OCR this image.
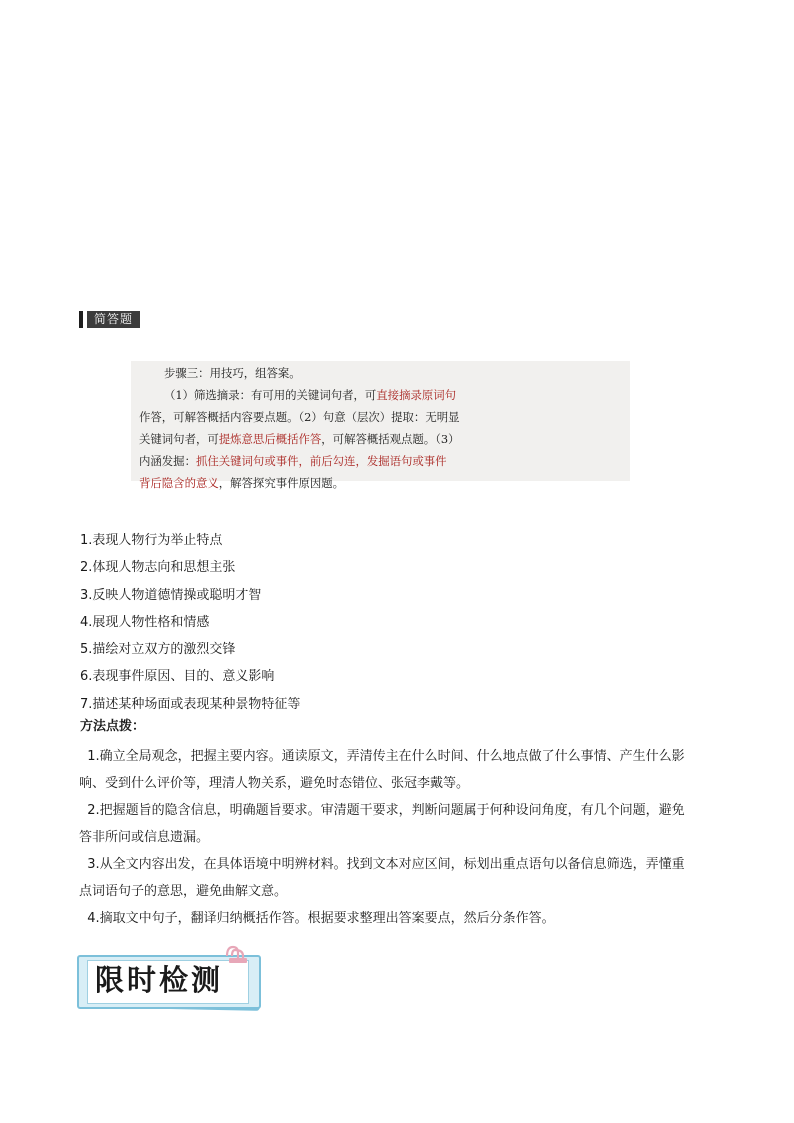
简答题

步骤三：用技巧，组答案。

（1）筛选摘录：有可用的关键词句者，可直接摘录原词句

作答，可解答概括内容要点题。（2）句意（层次）提取：无明显

关键词句者，可提炼意思后概括作答，可解答概括观点题。（3）

内涵发掘：抓住关键词句或事件，前后勾连，发掘语句或事件

背后隐含的意义，解答探究事件原因题。

1.表现人物行为举止特点
2.体现人物志向和思想主张
3.反映人物道德情操或聪明才智
4.展现人物性格和情感
5.描绘对立双方的激烈交锋
6.表现事件原因、目的、意义影响
7.描述某种场面或表现某种景物特征等
方法点拨：

1.确立全局观念，把握主要内容。通读原文，弄清传主在什么时间、什么地点做了什么事情、产生什么影

响、受到什么评价等，理清人物关系，避免时态错位、张冠李戴等。

2.把握题旨的隐含信息，明确题旨要求。审清题干要求，判断问题属于何种设问角度，有几个问题，避免

答非所问或信息遗漏。

3.从全文内容出发，在具体语境中明辨材料。找到文本对应区间，标划出重点语句以备信息筛选，弄懂重

点词语句子的意思，避免曲解文意。

4.摘取文中句子，翻译归纳概括作答。根据要求整理出答案要点，然后分条作答。

限时检测
